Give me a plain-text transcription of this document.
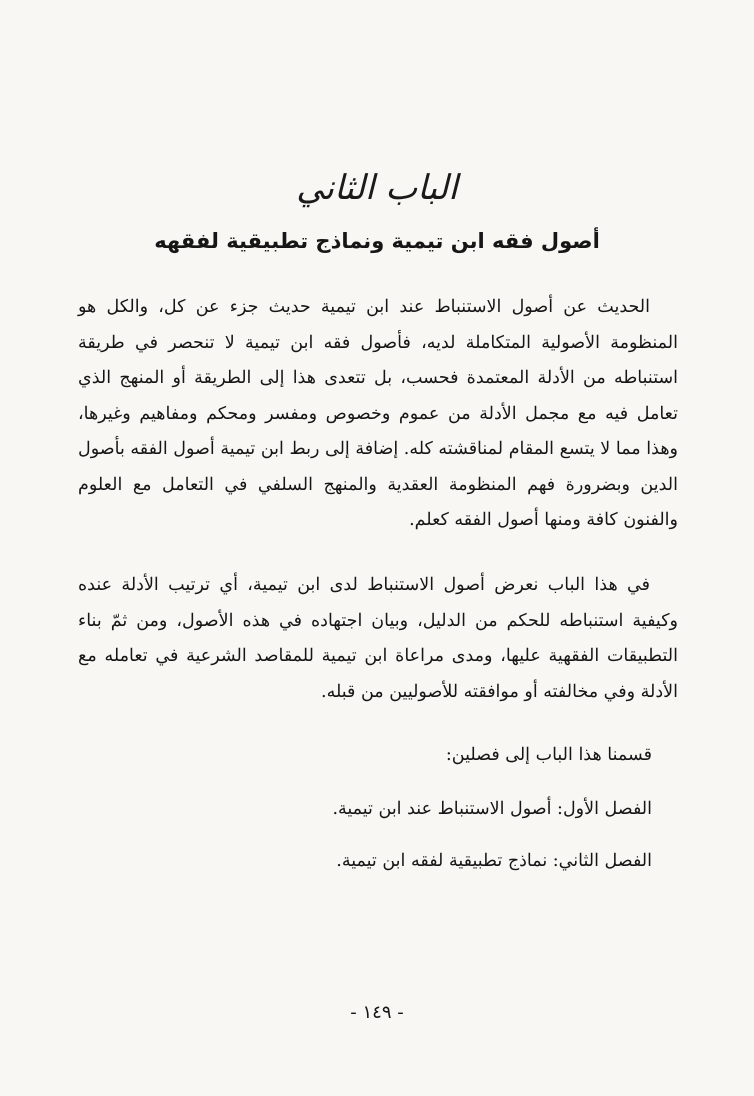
الباب الثاني
أصول فقه ابن تيمية ونماذج تطبيقية لفقهه

الحديث عن أصول الاستنباط عند ابن تيمية حديث جزء عن كل، والكل هو المنظومة الأصولية المتكاملة لديه، فأصول فقه ابن تيمية لا تنحصر في طريقة استنباطه من الأدلة المعتمدة فحسب، بل تتعدى هذا إلى الطريقة أو المنهج الذي تعامل فيه مع مجمل الأدلة من عموم وخصوص ومفسر ومحكم ومفاهيم وغيرها، وهذا مما لا يتسع المقام لمناقشته كله. إضافة إلى ربط ابن تيمية أصول الفقه بأصول الدين وبضرورة فهم المنظومة العقدية والمنهج السلفي في التعامل مع العلوم والفنون كافة ومنها أصول الفقه كعلم.

في هذا الباب نعرض أصول الاستنباط لدى ابن تيمية، أي ترتيب الأدلة عنده وكيفية استنباطه للحكم من الدليل، وبيان اجتهاده في هذه الأصول، ومن ثمّ بناء التطبيقات الفقهية عليها، ومدى مراعاة ابن تيمية للمقاصد الشرعية في تعامله مع الأدلة وفي مخالفته أو موافقته للأصوليين من قبله.

قسمنا هذا الباب إلى فصلين:
الفصل الأول: أصول الاستنباط عند ابن تيمية.
الفصل الثاني: نماذج تطبيقية لفقه ابن تيمية.
- ١٤٩ -
